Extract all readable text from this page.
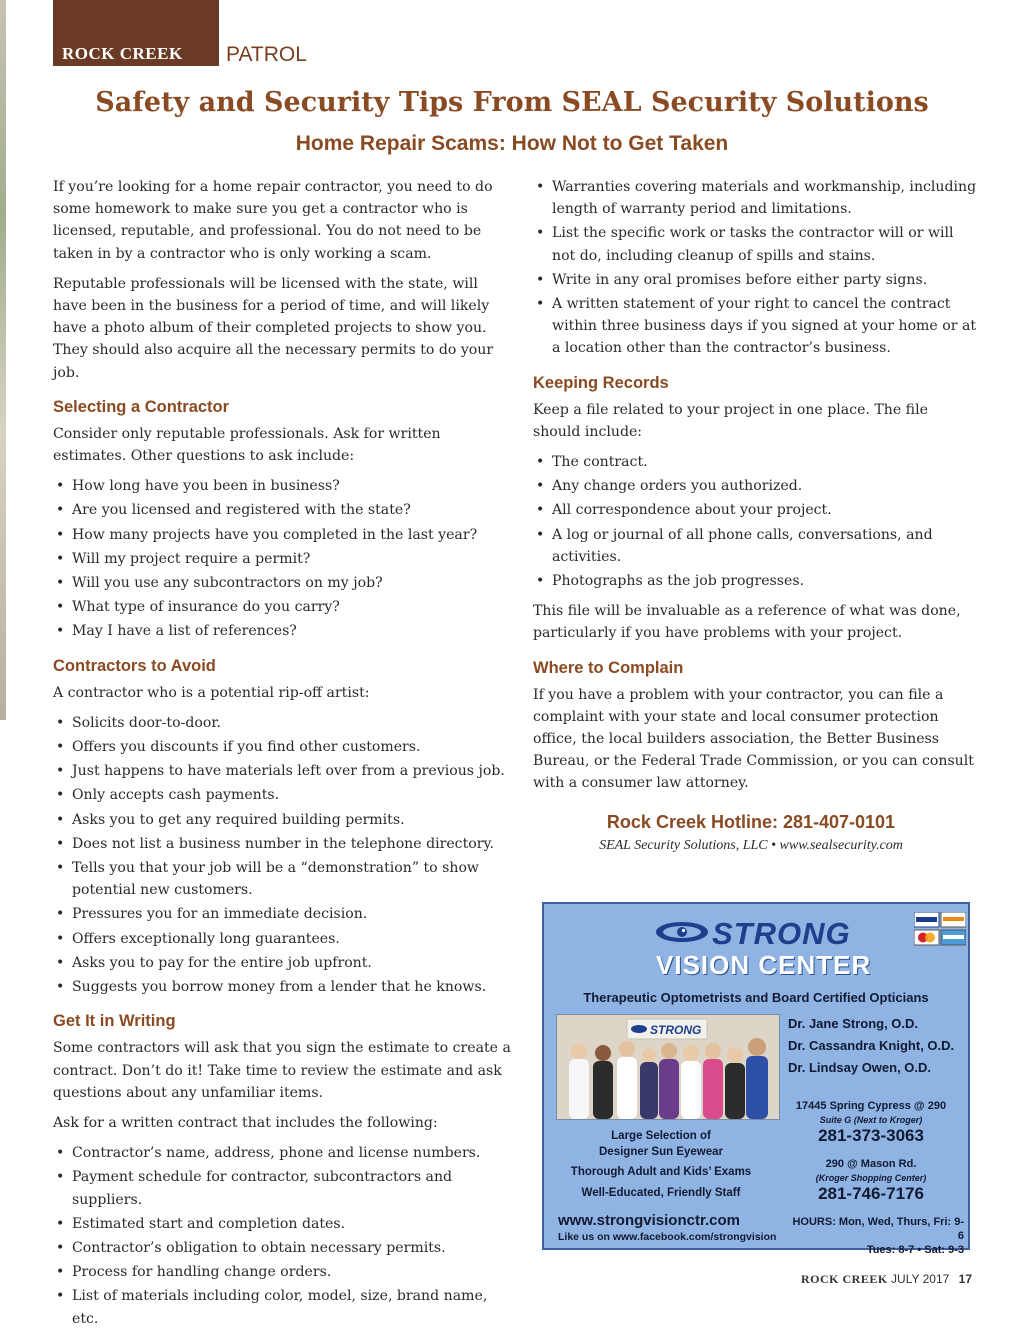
ROCK CREEK PATROL
Safety and Security Tips From SEAL Security Solutions
Home Repair Scams: How Not to Get Taken

If you’re looking for a home repair contractor, you need to do some homework to make sure you get a contractor who is licensed, reputable, and professional. You do not need to be taken in by a contractor who is only working a scam.

Reputable professionals will be licensed with the state, will have been in the business for a period of time, and will likely have a photo album of their completed projects to show you. They should also acquire all the necessary permits to do your job.

Selecting a Contractor

Consider only reputable professionals. Ask for written estimates. Other questions to ask include:

• How long have you been in business?
• Are you licensed and registered with the state?
• How many projects have you completed in the last year?
• Will my project require a permit?
• Will you use any subcontractors on my job?
• What type of insurance do you carry?
• May I have a list of references?
Contractors to Avoid

A contractor who is a potential rip-off artist:

• Solicits door-to-door.
• Offers you discounts if you find other customers.
• Just happens to have materials left over from a previous job.
• Only accepts cash payments.
• Asks you to get any required building permits.
• Does not list a business number in the telephone directory.
• Tells you that your job will be a “demonstration” to show potential new customers.
• Pressures you for an immediate decision.
• Offers exceptionally long guarantees.
• Asks you to pay for the entire job upfront.
• Suggests you borrow money from a lender that he knows.
Get It in Writing

Some contractors will ask that you sign the estimate to create a contract. Don’t do it! Take time to review the estimate and ask questions about any unfamiliar items.

Ask for a written contract that includes the following:

• Contractor’s name, address, phone and license numbers.
• Payment schedule for contractor, subcontractors and suppliers.
• Estimated start and completion dates.
• Contractor’s obligation to obtain necessary permits.
• Process for handling change orders.
• List of materials including color, model, size, brand name, etc.
• Warranties covering materials and workmanship, including length of warranty period and limitations.
• List the specific work or tasks the contractor will or will not do, including cleanup of spills and stains.
• Write in any oral promises before either party signs.
• A written statement of your right to cancel the contract within three business days if you signed at your home or at a location other than the contractor’s business.
Keeping Records

Keep a file related to your project in one place. The file should include:

• The contract.
• Any change orders you authorized.
• All correspondence about your project.
• A log or journal of all phone calls, conversations, and activities.
• Photographs as the job progresses.

This file will be invaluable as a reference of what was done, particularly if you have problems with your project.

Where to Complain

If you have a problem with your contractor, you can file a complaint with your state and local consumer protection office, the local builders association, the Better Business Bureau, or the Federal Trade Commission, or you can consult with a consumer law attorney.

Rock Creek Hotline: 281-407-0101
SEAL Security Solutions, LLC • www.sealsecurity.com
STRONG
VISION CENTER
Therapeutic Optometrists and Board Certified Opticians
STRONG	Dr. Jane Strong, O.D.
Dr. Cassandra Knight, O.D.
Dr. Lindsay Owen, O.D.
17445 Spring Cypress @ 290
Suite G (Next to Kroger)
281-373-3063
290 @ Mason Rd.
(Kroger Shopping Center)
281-746-7176
Large Selection of
Designer Sun Eyewear
Thorough Adult and Kids’ Exams
Well-Educated, Friendly Staff
www.strongvisionctr.com
Like us on www.facebook.com/strongvision
HOURS: Mon, Wed, Thurs, Fri: 9-6
Tues: 8-7 • Sat: 9-3
ROCK CREEK JULY 2017 17
